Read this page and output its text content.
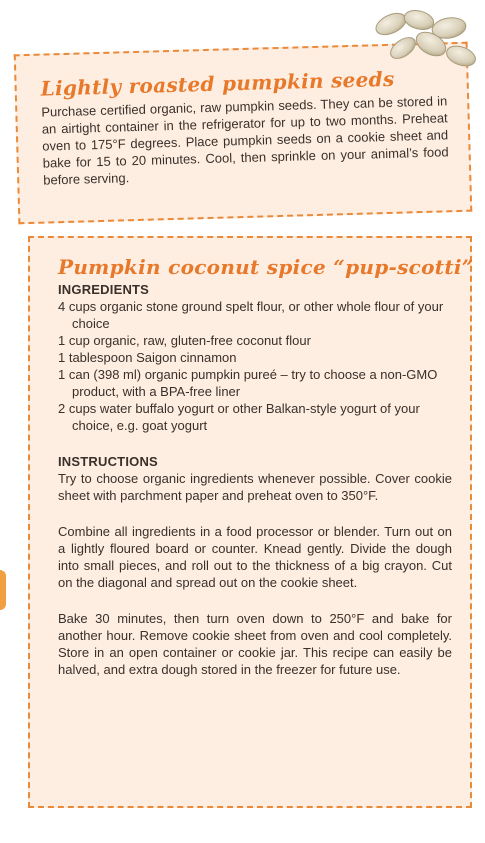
Lightly roasted pumpkin seeds

Purchase certified organic, raw pumpkin seeds. They can be stored in an airtight container in the refrigerator for up to two months. Preheat oven to 175°F degrees. Place pumpkin seeds on a cookie sheet and bake for 15 to 20 minutes. Cool, then sprinkle on your animal’s food before serving.

Pumpkin coconut spice “pup-scotti”
INGREDIENTS
4 cups organic stone ground spelt flour, or other whole flour of your choice
1 cup organic, raw, gluten-free coconut flour
1 tablespoon Saigon cinnamon
1 can (398 ml) organic pumpkin pureé – try to choose a non-GMO product, with a BPA-free liner
2 cups water buffalo yogurt or other Balkan-style yogurt of your choice, e.g. goat yogurt
INSTRUCTIONS

Try to choose organic ingredients whenever possible. Cover cookie sheet with parchment paper and preheat oven to 350°F.

Combine all ingredients in a food processor or blender. Turn out on a lightly floured board or counter. Knead gently. Divide the dough into small pieces, and roll out to the thickness of a big crayon. Cut on the diagonal and spread out on the cookie sheet.

Bake 30 minutes, then turn oven down to 250°F and bake for another hour. Remove cookie sheet from oven and cool completely. Store in an open container or cookie jar. This recipe can easily be halved, and extra dough stored in the freezer for future use.
